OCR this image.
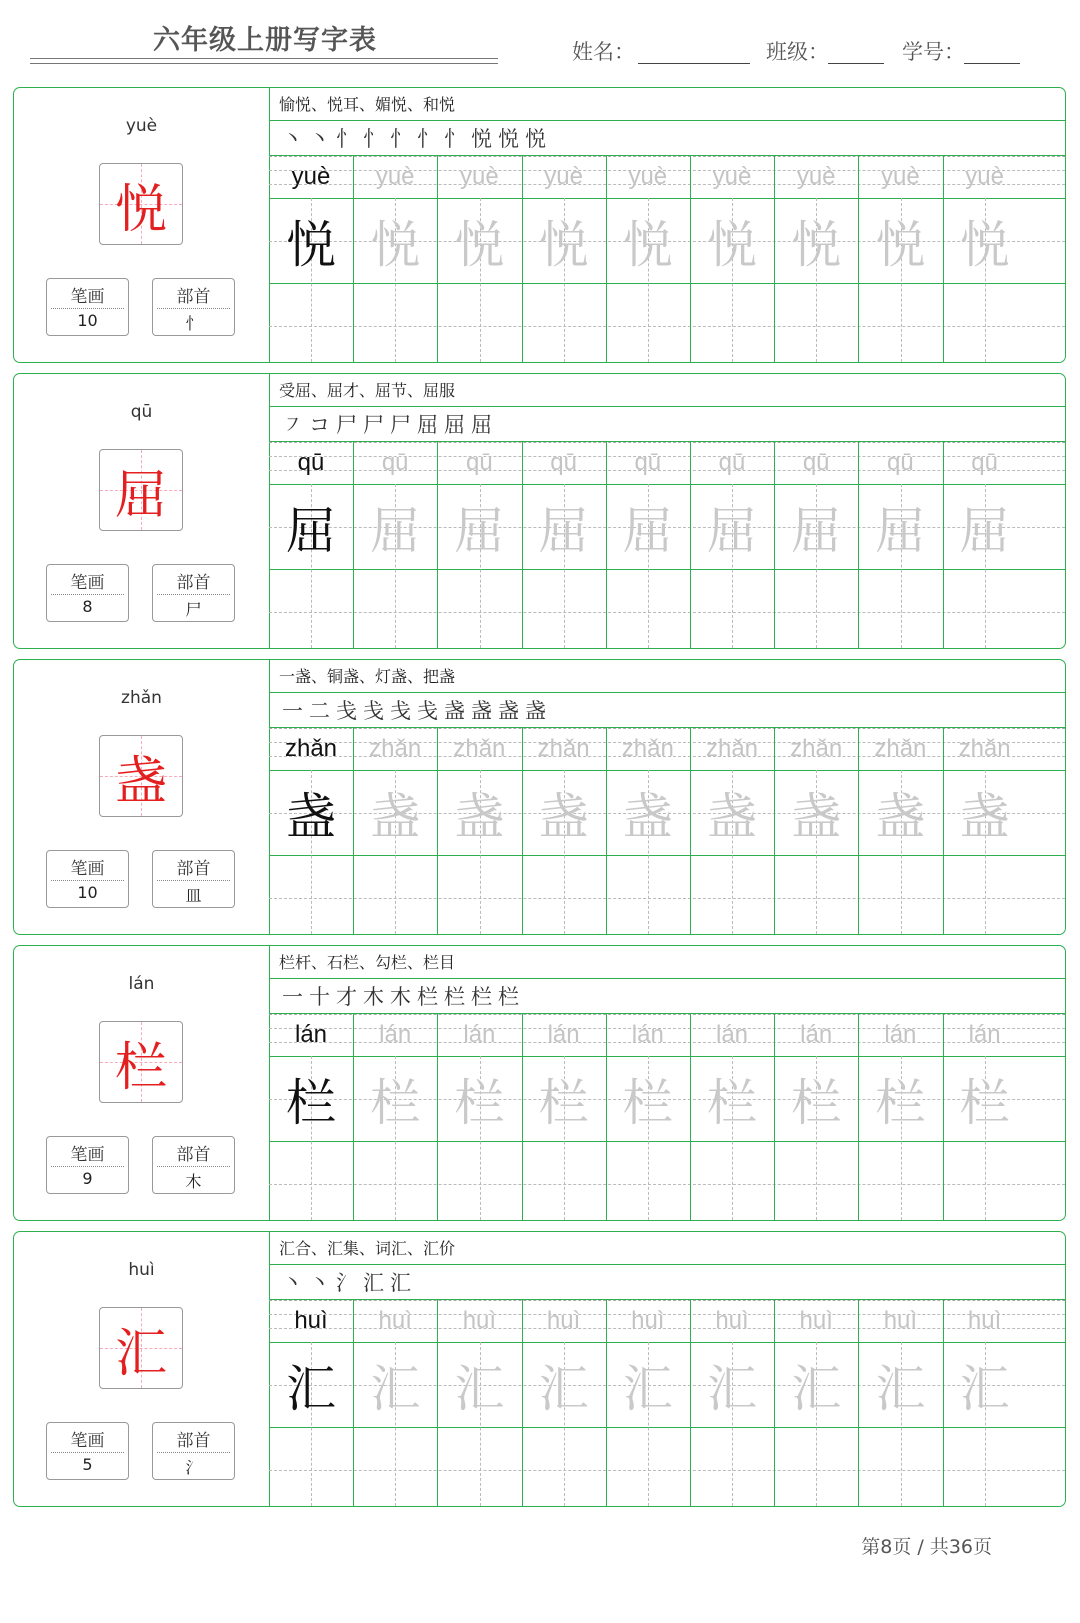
六年级上册写字表	姓名：	班级：	学号：
yuè
悦
笔画
10
部首
忄
愉悦、悦耳、媚悦、和悦
丶 丶 忄 忄 忄 忄 忄 悦 悦 悦
yuè
悦
yuè
悦
yuè
悦
yuè
悦
yuè
悦
yuè
悦
yuè
悦
yuè
悦
yuè
悦
qū
屈
笔画
8
部首
尸
受屈、屈才、屈节、屈服
㇇ コ 尸 尸 尸 屈 屈 屈
qū
屈
qū
屈
qū
屈
qū
屈
qū
屈
qū
屈
qū
屈
qū
屈
qū
屈
zhǎn
盏
笔画
10
部首
皿
一盏、铜盏、灯盏、把盏
一 二 戋 戋 戋 戋 盏 盏 盏 盏
zhǎn
盏
zhǎn
盏
zhǎn
盏
zhǎn
盏
zhǎn
盏
zhǎn
盏
zhǎn
盏
zhǎn
盏
zhǎn
盏
lán
栏
笔画
9
部首
木
栏杆、石栏、勾栏、栏目
一 十 才 木 木 栏 栏 栏 栏
lán
栏
lán
栏
lán
栏
lán
栏
lán
栏
lán
栏
lán
栏
lán
栏
lán
栏
huì
汇
笔画
5
部首
氵
汇合、汇集、词汇、汇价
丶 丶 氵 汇 汇
huì
汇
huì
汇
huì
汇
huì
汇
huì
汇
huì
汇
huì
汇
huì
汇
huì
汇
第8页 / 共36页
